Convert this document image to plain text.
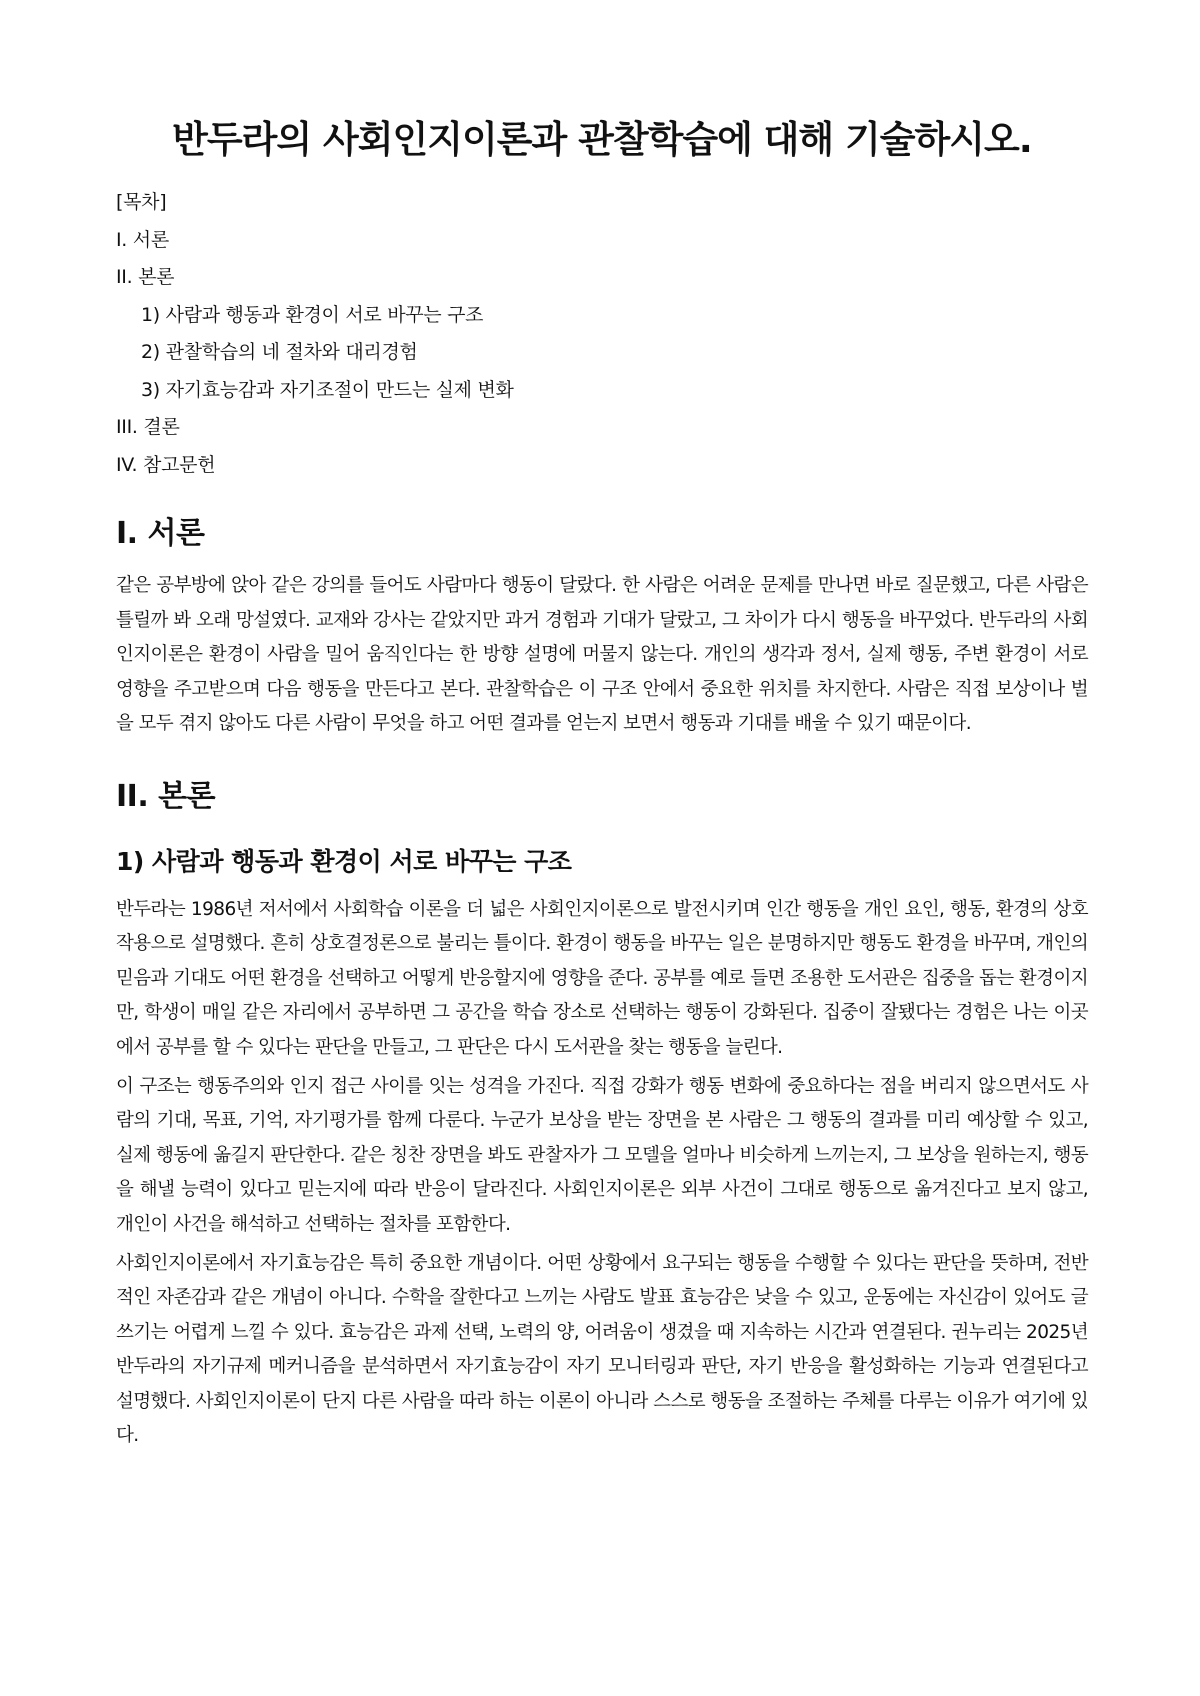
반두라의 사회인지이론과 관찰학습에 대해 기술하시오.
[목차]
I. 서론
II. 본론
1) 사람과 행동과 환경이 서로 바꾸는 구조
2) 관찰학습의 네 절차와 대리경험
3) 자기효능감과 자기조절이 만드는 실제 변화
III. 결론
IV. 참고문헌
I. 서론

같은 공부방에 앉아 같은 강의를 들어도 사람마다 행동이 달랐다. 한 사람은 어려운 문제를 만나면 바로 질문했고, 다른 사람은 틀릴까 봐 오래 망설였다. 교재와 강사는 같았지만 과거 경험과 기대가 달랐고, 그 차이가 다시 행동을 바꾸었다. 반두라의 사회인지이론은 환경이 사람을 밀어 움직인다는 한 방향 설명에 머물지 않는다. 개인의 생각과 정서, 실제 행동, 주변 환경이 서로 영향을 주고받으며 다음 행동을 만든다고 본다. 관찰학습은 이 구조 안에서 중요한 위치를 차지한다. 사람은 직접 보상이나 벌을 모두 겪지 않아도 다른 사람이 무엇을 하고 어떤 결과를 얻는지 보면서 행동과 기대를 배울 수 있기 때문이다.

II. 본론
1) 사람과 행동과 환경이 서로 바꾸는 구조

반두라는 1986년 저서에서 사회학습 이론을 더 넓은 사회인지이론으로 발전시키며 인간 행동을 개인 요인, 행동, 환경의 상호작용으로 설명했다. 흔히 상호결정론으로 불리는 틀이다. 환경이 행동을 바꾸는 일은 분명하지만 행동도 환경을 바꾸며, 개인의 믿음과 기대도 어떤 환경을 선택하고 어떻게 반응할지에 영향을 준다. 공부를 예로 들면 조용한 도서관은 집중을 돕는 환경이지만, 학생이 매일 같은 자리에서 공부하면 그 공간을 학습 장소로 선택하는 행동이 강화된다. 집중이 잘됐다는 경험은 나는 이곳에서 공부를 할 수 있다는 판단을 만들고, 그 판단은 다시 도서관을 찾는 행동을 늘린다.

이 구조는 행동주의와 인지 접근 사이를 잇는 성격을 가진다. 직접 강화가 행동 변화에 중요하다는 점을 버리지 않으면서도 사람의 기대, 목표, 기억, 자기평가를 함께 다룬다. 누군가 보상을 받는 장면을 본 사람은 그 행동의 결과를 미리 예상할 수 있고, 실제 행동에 옮길지 판단한다. 같은 칭찬 장면을 봐도 관찰자가 그 모델을 얼마나 비슷하게 느끼는지, 그 보상을 원하는지, 행동을 해낼 능력이 있다고 믿는지에 따라 반응이 달라진다. 사회인지이론은 외부 사건이 그대로 행동으로 옮겨진다고 보지 않고, 개인이 사건을 해석하고 선택하는 절차를 포함한다.

사회인지이론에서 자기효능감은 특히 중요한 개념이다. 어떤 상황에서 요구되는 행동을 수행할 수 있다는 판단을 뜻하며, 전반적인 자존감과 같은 개념이 아니다. 수학을 잘한다고 느끼는 사람도 발표 효능감은 낮을 수 있고, 운동에는 자신감이 있어도 글쓰기는 어렵게 느낄 수 있다. 효능감은 과제 선택, 노력의 양, 어려움이 생겼을 때 지속하는 시간과 연결된다. 권누리는 2025년 반두라의 자기규제 메커니즘을 분석하면서 자기효능감이 자기 모니터링과 판단, 자기 반응을 활성화하는 기능과 연결된다고 설명했다. 사회인지이론이 단지 다른 사람을 따라 하는 이론이 아니라 스스로 행동을 조절하는 주체를 다루는 이유가 여기에 있다.
